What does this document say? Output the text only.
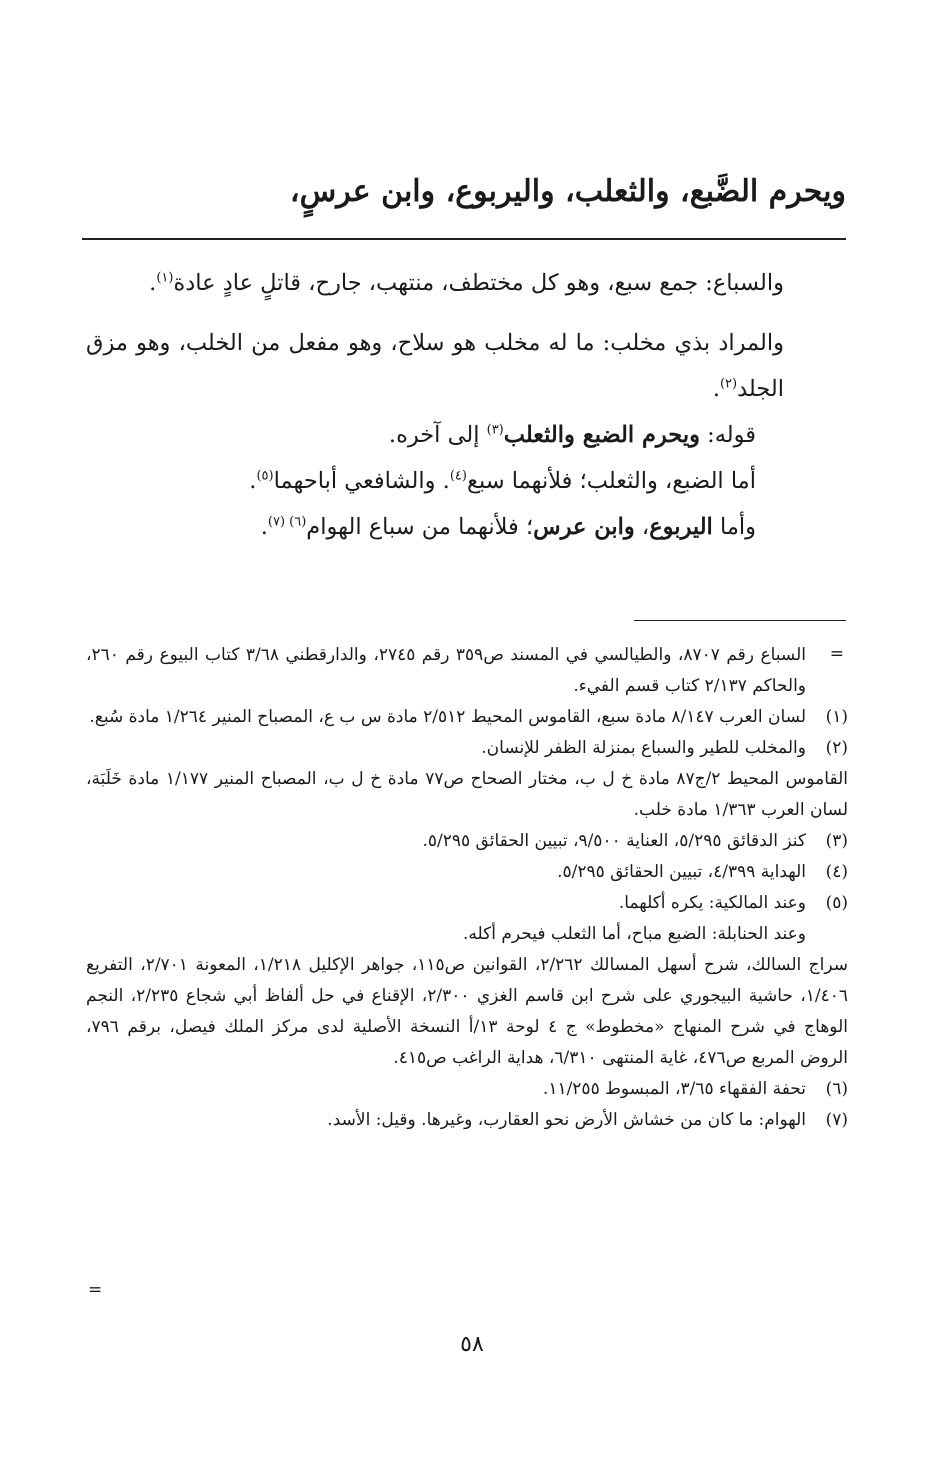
ويحرم الضَّبع، والثعلب، واليربوع، وابن عرسٍ،

والسباع: جمع سبع، وهو كل مختطف، منتهب، جارح، قاتلٍ عادٍ عادة$^{(١)}$.

والمراد بذي مخلب: ما له مخلب هو سلاح، وهو مفعل من الخلب، وهو مزق الجلد$^{(٢)}$.

قوله: ويحرم الضبع والثعلب$^{(٣)}$ إلى آخره.

أما الضبع، والثعلب؛ فلأنهما سبع$^{(٤)}$. والشافعي أباحهما$^{(٥)}$.

وأما اليربوع، وابن عرس؛ فلأنهما من سباع الهوام$^{(٦) (٧)}$.

=
السباع رقم ٨٧٠٧، والطيالسي في المسند ص٣٥٩ رقم ٢٧٤٥، والدارقطني ٣/٦٨ كتاب البيوع رقم ٢٦٠، والحاكم ٢/١٣٧ كتاب قسم الفيء.
(١)
لسان العرب ٨/١٤٧ مادة سبع، القاموس المحيط ٢/٥١٢ مادة س ب ع، المصباح المنير ١/٢٦٤ مادة سُبع.
(٢)
والمخلب للطير والسباع بمنزلة الظفر للإنسان.
القاموس المحيط ٢/ج٨٧ مادة خ ل ب، مختار الصحاح ص٧٧ مادة خ ل ب، المصباح المنير ١/١٧٧ مادة خَلَبَة، لسان العرب ١/٣٦٣ مادة خلب.
(٣)
كنز الدقائق ٥/٢٩٥، العناية ٩/٥٠٠، تبيين الحقائق ٥/٢٩٥.
(٤)
الهداية ٤/٣٩٩، تبيين الحقائق ٥/٢٩٥.
(٥)
وعند المالكية: يكره أكلهما.
وعند الحنابلة: الضبع مباح، أما الثعلب فيحرم أكله.
سراج السالك، شرح أسهل المسالك ٢/٢٦٢، القوانين ص١١٥، جواهر الإكليل ١/٢١٨، المعونة ٢/٧٠١، التفريع ١/٤٠٦، حاشية البيجوري على شرح ابن قاسم الغزي ٢/٣٠٠، الإقناع في حل ألفاظ أبي شجاع ٢/٢٣٥، النجم الوهاج في شرح المنهاج «مخطوط» ج ٤ لوحة ١٣/أ النسخة الأصلية لدى مركز الملك فيصل، برقم ٧٩٦، الروض المربع ص٤٧٦، غاية المنتهى ٦/٣١٠، هداية الراغب ص٤١٥.
(٦)
تحفة الفقهاء ٣/٦٥، المبسوط ١١/٢٥٥.
(٧)
الهوام: ما كان من خشاش الأرض نحو العقارب، وغيرها. وقيل: الأسد.
=
٥٨
